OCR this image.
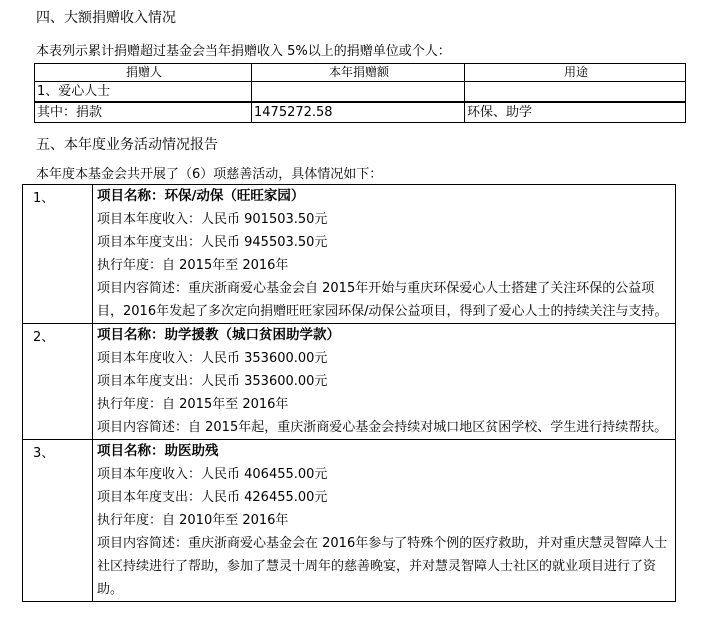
四、大额捐赠收入情况
本表列示累计捐赠超过基金会当年捐赠收入 5%以上的捐赠单位或个人：
捐赠人	本年捐赠额	用途
1、爱心人士		
其中：捐款	1475272.58	环保、助学
五、本年度业务活动情况报告
本年度本基金会共开展了（6）项慈善活动，具体情况如下：
1、	项目名称：环保/动保（旺旺家园）
项目本年度收入：人民币 901503.50元
项目本年度支出：人民币 945503.50元
执行年度：自 2015年至 2016年
项目内容简述：重庆浙商爱心基金会自 2015年开始与重庆环保爱心人士搭建了关注环保的公益项目，2016年发起了多次定向捐赠旺旺家园环保/动保公益项目，得到了爱心人士的持续关注与支持。

2、	项目名称：助学援教（城口贫困助学款）
项目本年度收入：人民币 353600.00元
项目本年度支出：人民币 353600.00元
执行年度：自 2015年至 2016年
项目内容简述：自 2015年起，重庆浙商爱心基金会持续对城口地区贫困学校、学生进行持续帮扶。

3、	项目名称：助医助残
项目本年度收入：人民币 406455.00元
项目本年度支出：人民币 426455.00元
执行年度：自 2010年至 2016年
项目内容简述：重庆浙商爱心基金会在 2016年参与了特殊个例的医疗救助，并对重庆慧灵智障人士社区持续进行了帮助，参加了慧灵十周年的慈善晚宴，并对慧灵智障人士社区的就业项目进行了资助。
